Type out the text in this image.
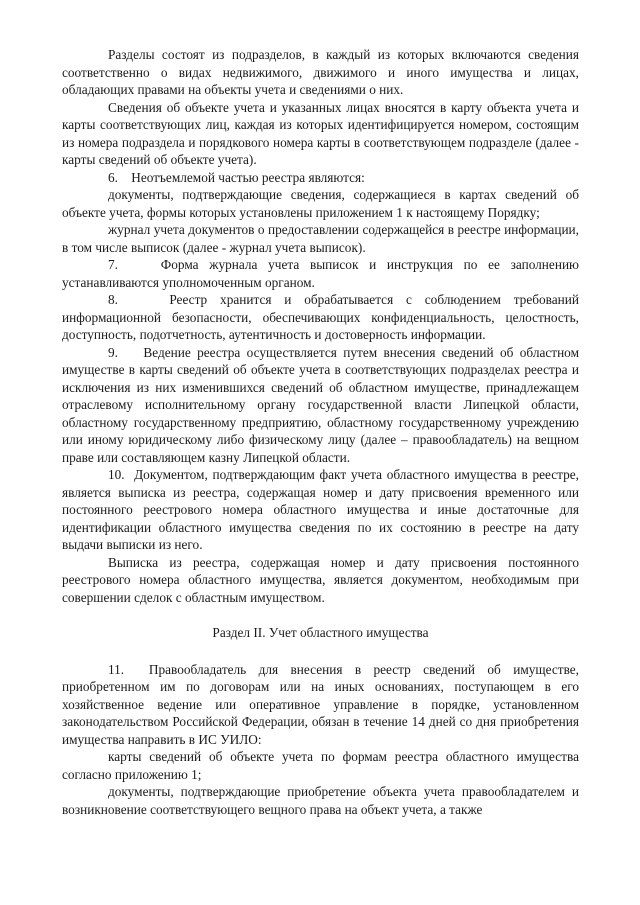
Разделы состоят из подразделов, в каждый из которых включаются сведения соответственно о видах недвижимого, движимого и иного имущества и лицах, обладающих правами на объекты учета и сведениями о них.

Сведения об объекте учета и указанных лицах вносятся в карту объекта учета и карты соответствующих лиц, каждая из которых идентифицируется номером, состоящим из номера подраздела и порядкового номера карты в соответствующем подразделе (далее - карты сведений об объекте учета).

6.    Неотъемлемой частью реестра являются:

документы, подтверждающие сведения, содержащиеся в картах сведений об объекте учета, формы которых установлены приложением 1 к настоящему Порядку;

журнал учета документов о предоставлении содержащейся в реестре информации, в том числе выписок (далее - журнал учета выписок).

7.    Форма журнала учета выписок и инструкция по ее заполнению устанавливаются уполномоченным органом.

8.    Реестр хранится и обрабатывается с соблюдением требований информационной безопасности, обеспечивающих конфиденциальность, целостность, доступность, подотчетность, аутентичность и достоверность информации.

9.    Ведение реестра осуществляется путем внесения сведений об областном имуществе в карты сведений об объекте учета в соответствующих подразделах реестра и исключения из них изменившихся сведений об областном имуществе, принадлежащем отраслевому исполнительному органу государственной власти Липецкой области, областному государственному предприятию, областному государственному учреждению или иному юридическому либо физическому лицу (далее – правообладатель) на вещном праве или составляющем казну Липецкой области.

10.  Документом, подтверждающим факт учета областного имущества в реестре, является выписка из реестра, содержащая номер и дату присвоения временного или постоянного реестрового номера областного имущества и иные достаточные для идентификации областного имущества сведения по их состоянию в реестре на дату выдачи выписки из него.

Выписка из реестра, содержащая номер и дату присвоения постоянного реестрового номера областного имущества, является документом, необходимым при совершении сделок с областным имуществом.

Раздел II. Учет областного имущества

11.  Правообладатель для внесения в реестр сведений об имуществе, приобретенном им по договорам или на иных основаниях, поступающем в его хозяйственное ведение или оперативное управление в порядке, установленном законодательством Российской Федерации, обязан в течение 14 дней со дня приобретения имущества направить в ИС УИЛО:

карты сведений об объекте учета по формам реестра областного имущества согласно приложению 1;

документы, подтверждающие приобретение объекта учета правообладателем и возникновение соответствующего вещного права на объект учета, а также
